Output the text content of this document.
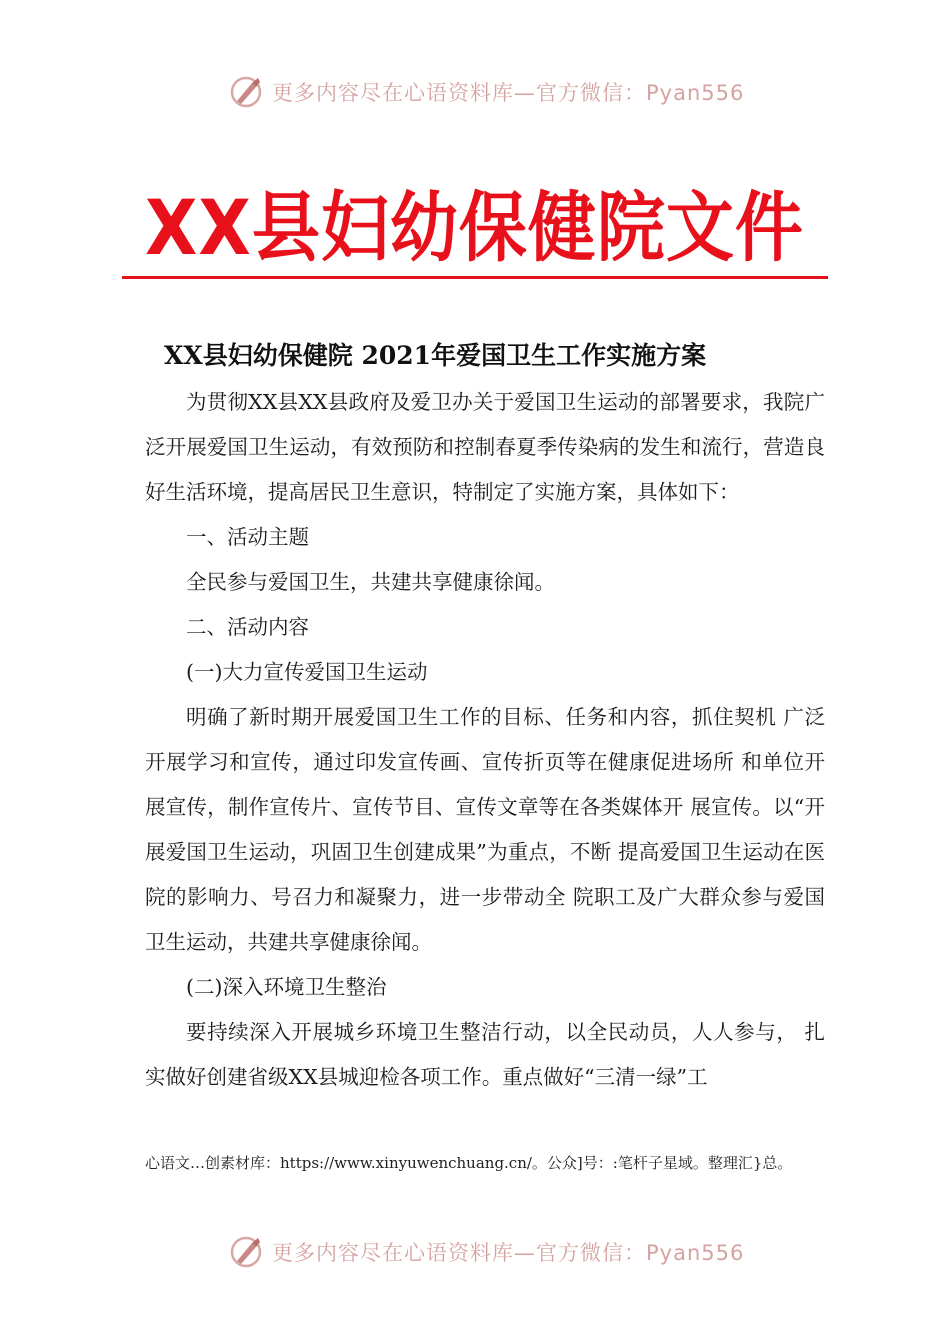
更多内容尽在心语资料库—官方微信：Pyan556
XX县妇幼保健院文件
XX县妇幼保健院 2021年爱国卫生工作实施方案

为贯彻XX县XX县政府及爱卫办关于爱国卫生运动的部署要求，我院广泛开展爱国卫生运动，有效预防和控制春夏季传染病的发生和流行，营造良好生活环境，提高居民卫生意识，特制定了实施方案，具体如下：

一、活动主题

全民参与爱国卫生，共建共享健康徐闻。

二、活动内容

(一)大力宣传爱国卫生运动

明确了新时期开展爱国卫生工作的目标、任务和内容，抓住契机 广泛开展学习和宣传，通过印发宣传画、宣传折页等在健康促进场所 和单位开展宣传，制作宣传片、宣传节目、宣传文章等在各类媒体开 展宣传。以“开展爱国卫生运动，巩固卫生创建成果”为重点，不断 提高爱国卫生运动在医院的影响力、号召力和凝聚力，进一步带动全 院职工及广大群众参与爱国卫生运动，共建共享健康徐闻。

(二)深入环境卫生整治

要持续深入开展城乡环境卫生整洁行动，以全民动员，人人参与， 扎实做好创建省级XX县城迎检各项工作。重点做好“三清一绿”工

心语文…创素材库：https://www.xinyuwenchuang.cn/。公众]号：:笔杆子星域。整理汇}总。
更多内容尽在心语资料库—官方微信：Pyan556
